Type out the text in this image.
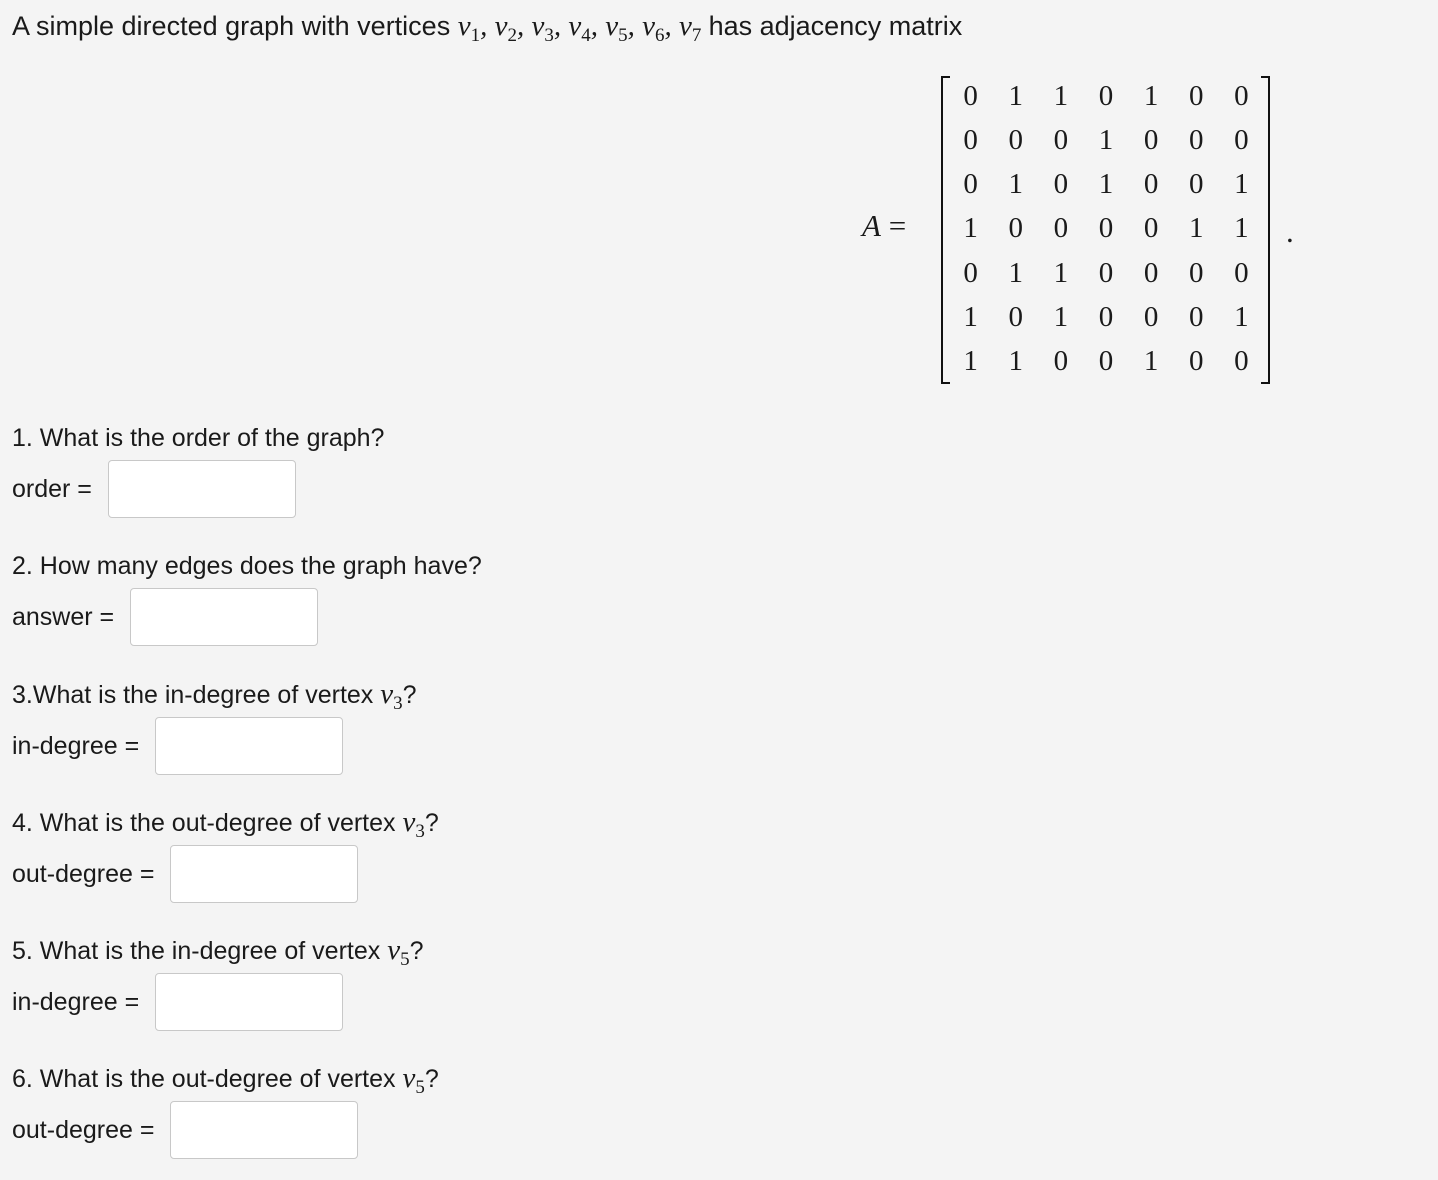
A simple directed graph with vertices $v_1$, $v_2$, $v_3$, $v_4$, $v_5$, $v_6$, $v_7$ has adjacency matrix
A =
0	1	1	0	1	0	0
0	0	0	1	0	0	0
0	1	0	1	0	0	1
1	0	0	0	0	1	1
0	1	1	0	0	0	0
1	0	1	0	0	0	1
1	1	0	0	1	0	0
.
1. What is the order of the graph?
order =
2. How many edges does the graph have?
answer =
3.What is the in-degree of vertex $v_3$?
in-degree =
4. What is the out-degree of vertex $v_3$?
out-degree =
5. What is the in-degree of vertex $v_5$?
in-degree =
6. What is the out-degree of vertex $v_5$?
out-degree =
